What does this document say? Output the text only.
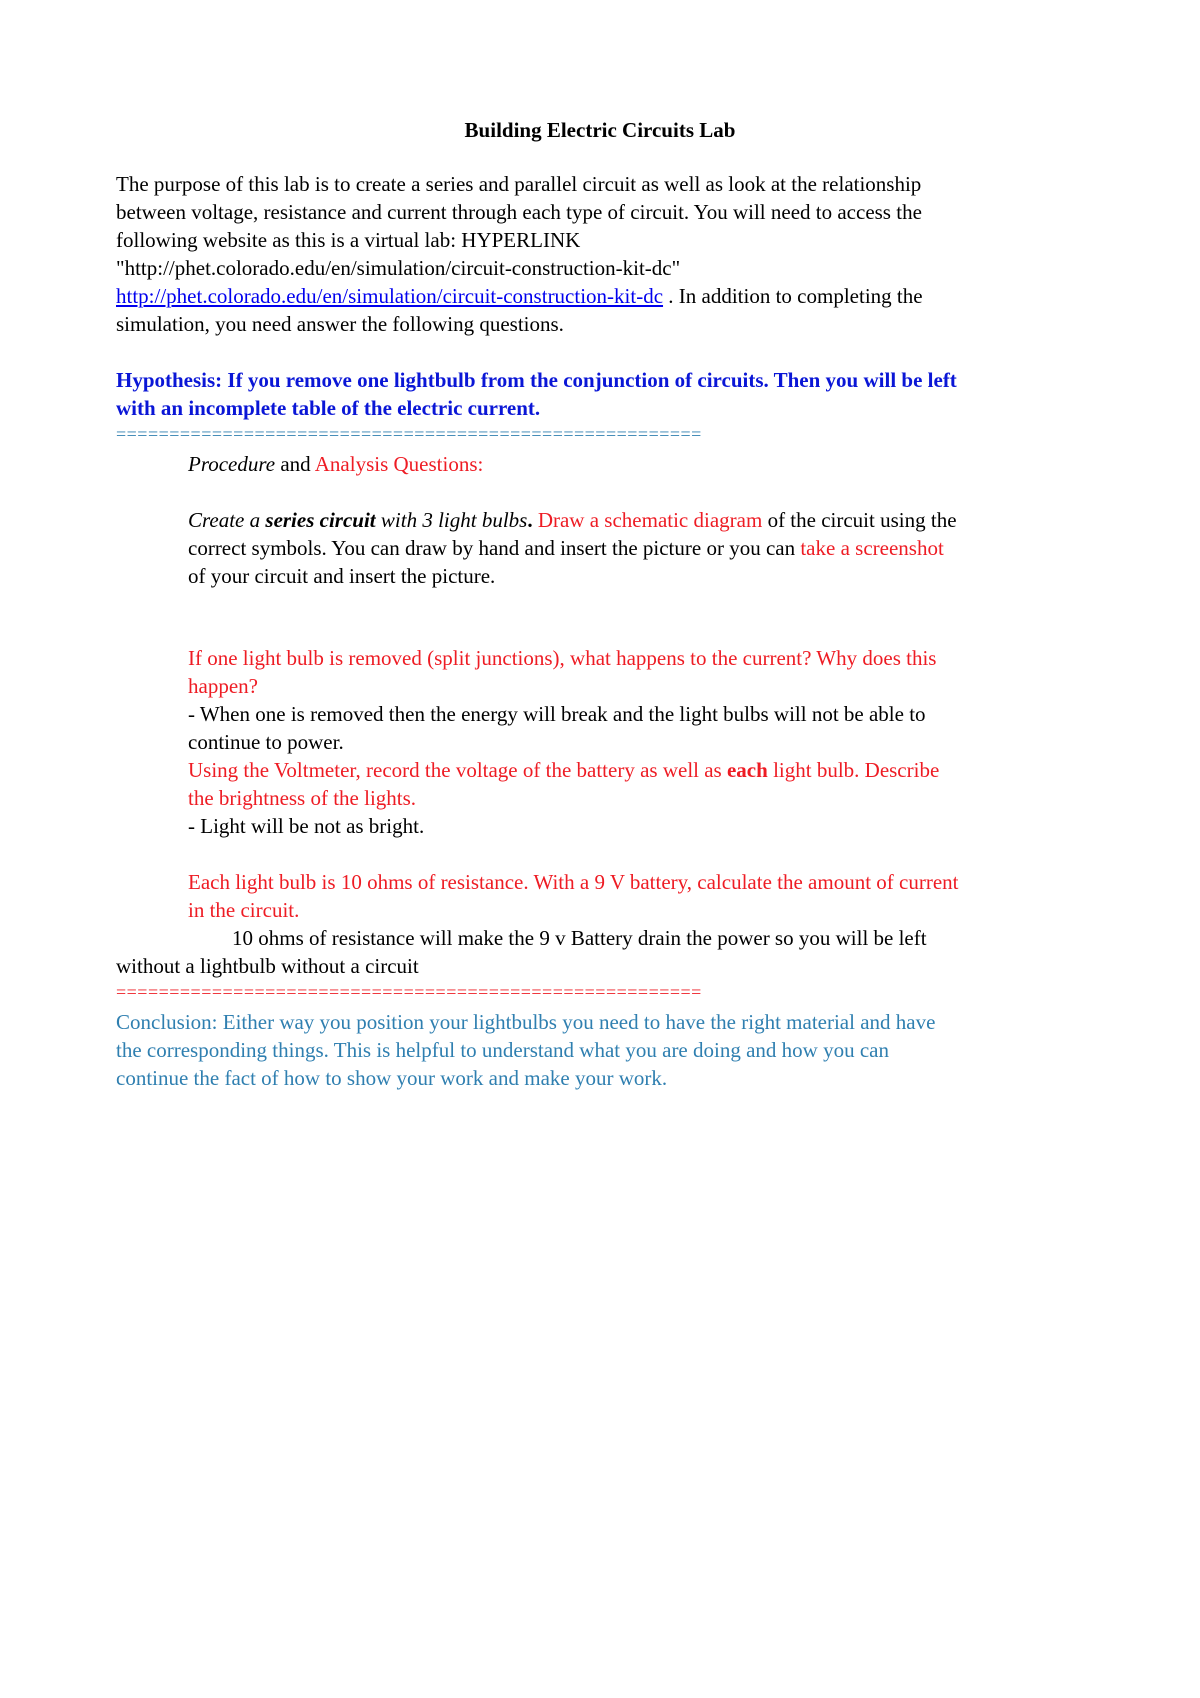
Building Electric Circuits Lab
The purpose of this lab is to create a series and parallel circuit as well as look at the relationship
between voltage, resistance and current through each type of circuit. You will need to access the
following website as this is a virtual lab: HYPERLINK
"http://phet.colorado.edu/en/simulation/circuit-construction-kit-dc"
http://phet.colorado.edu/en/simulation/circuit-construction-kit-dc . In addition to completing the
simulation, you need answer the following questions.
Hypothesis: If you remove one lightbulb from the conjunction of circuits. Then you will be left
with an incomplete table of the electric current.
=======================================================
Procedure and Analysis Questions:
Create a series circuit with 3 light bulbs. Draw a schematic diagram of the circuit using the
correct symbols. You can draw by hand and insert the picture or you can take a screenshot
of your circuit and insert the picture.
If one light bulb is removed (split junctions), what happens to the current? Why does this
happen?
- When one is removed then the energy will break and the light bulbs will not be able to
continue to power.
Using the Voltmeter, record the voltage of the battery as well as each light bulb. Describe
the brightness of the lights.
- Light will be not as bright.
Each light bulb is 10 ohms of resistance. With a 9 V battery, calculate the amount of current
in the circuit.
10 ohms of resistance will make the 9 v Battery drain the power so you will be left
without a lightbulb without a circuit
=======================================================
Conclusion: Either way you position your lightbulbs you need to have the right material and have
the corresponding things. This is helpful to understand what you are doing and how you can
continue the fact of how to show your work and make your work.
